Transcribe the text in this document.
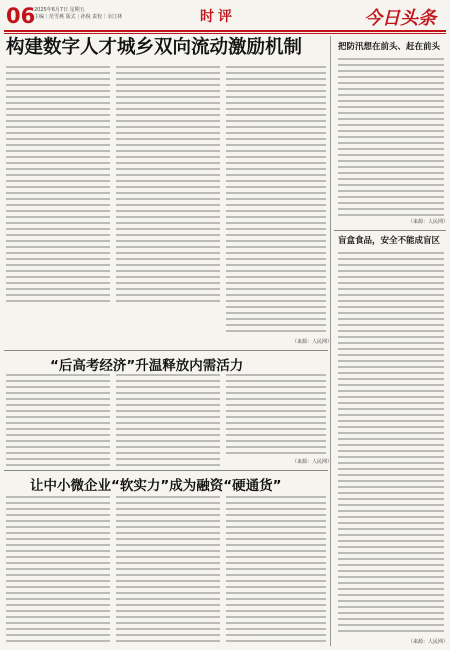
06
2025年6月7日 星期五
主编｜范雪燕 版式｜孙倪 责校｜余江林	时评	今日头条
构建数字人才城乡双向流动激励机制
（来源：人民网）
“后高考经济”升温释放内需活力
（来源：人民网）
让中小微企业“软实力”成为融资“硬通货”
把防汛想在前头、赶在前头
（来源：人民网）
盲盒食品，安全不能成盲区
（来源：人民网）
